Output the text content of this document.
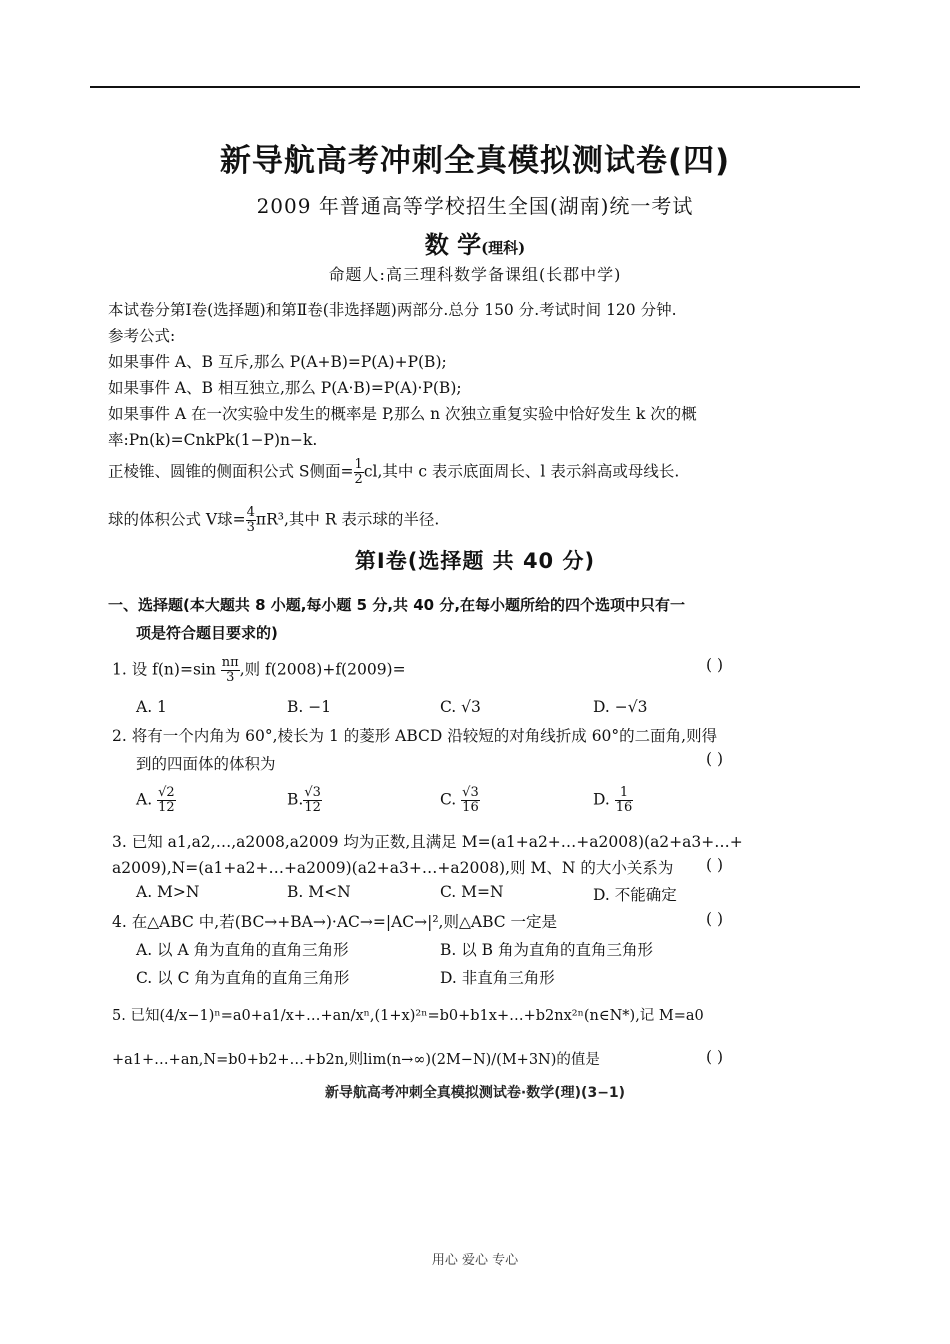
新导航高考冲刺全真模拟测试卷(四)
2009 年普通高等学校招生全国(湖南)统一考试
数 学(理科)
命题人:高三理科数学备课组(长郡中学)
本试卷分第Ⅰ卷(选择题)和第Ⅱ卷(非选择题)两部分.总分 150 分.考试时间 120 分钟.
参考公式:
如果事件 A、B 互斥,那么 P(A+B)=P(A)+P(B);
如果事件 A、B 相互独立,那么 P(A·B)=P(A)·P(B);
如果事件 A 在一次实验中发生的概率是 P,那么 n 次独立重复实验中恰好发生 k 次的概
率:Pn(k)=CnkPk(1−P)n−k.
正棱锥、圆锥的侧面积公式 S侧面= $\frac{1}{2}$ cl,其中 c 表示底面周长、l 表示斜高或母线长.
球的体积公式 V球= $\frac{4}{3} \pi R^3$,其中 R 表示球的半径.
第Ⅰ卷(选择题 共 40 分)
一、选择题(本大题共 8 小题,每小题 5 分,共 40 分,在每小题所给的四个选项中只有一
项是符合题目要求的)
1. 设 $f(n)=\sin \frac{n\pi}{3}$ ,则 f(2008)+f(2009)=	( )
A. 1	B. −1	C. √3	D. −√3
2. 将有一个内角为 60°,棱长为 1 的菱形 ABCD 沿较短的对角线折成 60°的二面角,则得
到的四面体的体积为	( )
A. $\frac{√2}{12}$	B. $\frac{√3}{12}$	C. $\frac{√3}{16}$	D. $\frac{1}{16}$
3. 已知 a1,a2,…,a2008,a2009 均为正数,且满足 M=(a1+a2+…+a2008)(a2+a3+…+
a2009),N=(a1+a2+…+a2009)(a2+a3+…+a2008),则 M、N 的大小关系为 ( )
A. M>N	B. M<N	C. M=N	D. 不能确定
4. 在△ABC 中,若(BC→+BA→)·AC→=|AC→|²,则△ABC 一定是	( )
A. 以 A 角为直角的直角三角形	B. 以 B 角为直角的直角三角形
C. 以 C 角为直角的直角三角形	D. 非直角三角形
5. 已知(4/x−1)ⁿ=a0+a1/x+…+an/xⁿ,(1+x)²ⁿ=b0+b1x+…+b2nx²ⁿ(n∈N*),记 M=a0
+a1+…+an,N=b0+b2+…+b2n,则lim(n→∞)(2M−N)/(M+3N)的值是	( )
新导航高考冲刺全真模拟测试卷·数学(理)(3−1)
用心 爱心 专心
